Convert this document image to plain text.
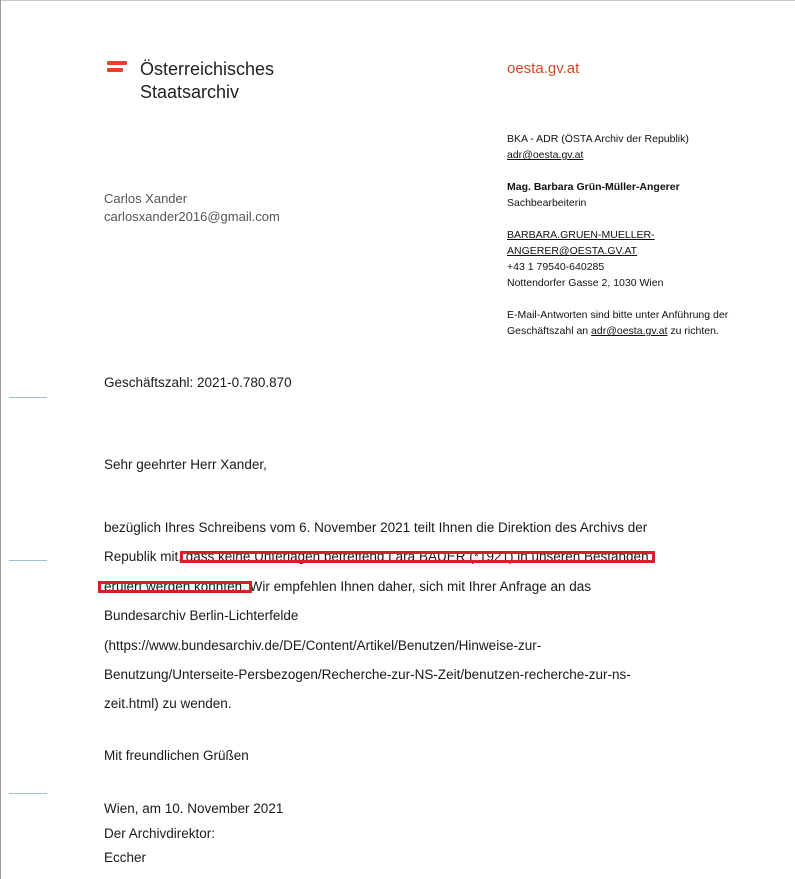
Österreichisches
Staatsarchiv
oesta.gv.at
BKA - ADR (ÖSTA Archiv der Republik)
adr@oesta.gv.at
Mag. Barbara Grün-Müller-Angerer
Sachbearbeiterin
BARBARA.GRUEN-MUELLER-
ANGERER@OESTA.GV.AT
+43 1 79540-640285
Nottendorfer Gasse 2, 1030 Wien
E-Mail-Antworten sind bitte unter Anführung der
Geschäftszahl an adr@oesta.gv.at zu richten.
Carlos Xander
carlosxander2016@gmail.com
Geschäftszahl: 2021-0.780.870
Sehr geehrter Herr Xander,
bezüglich Ihres Schreibens vom 6. November 2021 teilt Ihnen die Direktion des Archivs der
Republik mit, dass keine Unterlagen betreffend Lara BAUER (*1921) in unseren Beständen
eruiert werden konnten. Wir empfehlen Ihnen daher, sich mit Ihrer Anfrage an das
Bundesarchiv Berlin-Lichterfelde
(https://www.bundesarchiv.de/DE/Content/Artikel/Benutzen/Hinweise-zur-
Benutzung/Unterseite-Persbezogen/Recherche-zur-NS-Zeit/benutzen-recherche-zur-ns-
zeit.html) zu wenden.
Mit freundlichen Grüßen
Wien, am 10. November 2021
Der Archivdirektor:
Eccher
